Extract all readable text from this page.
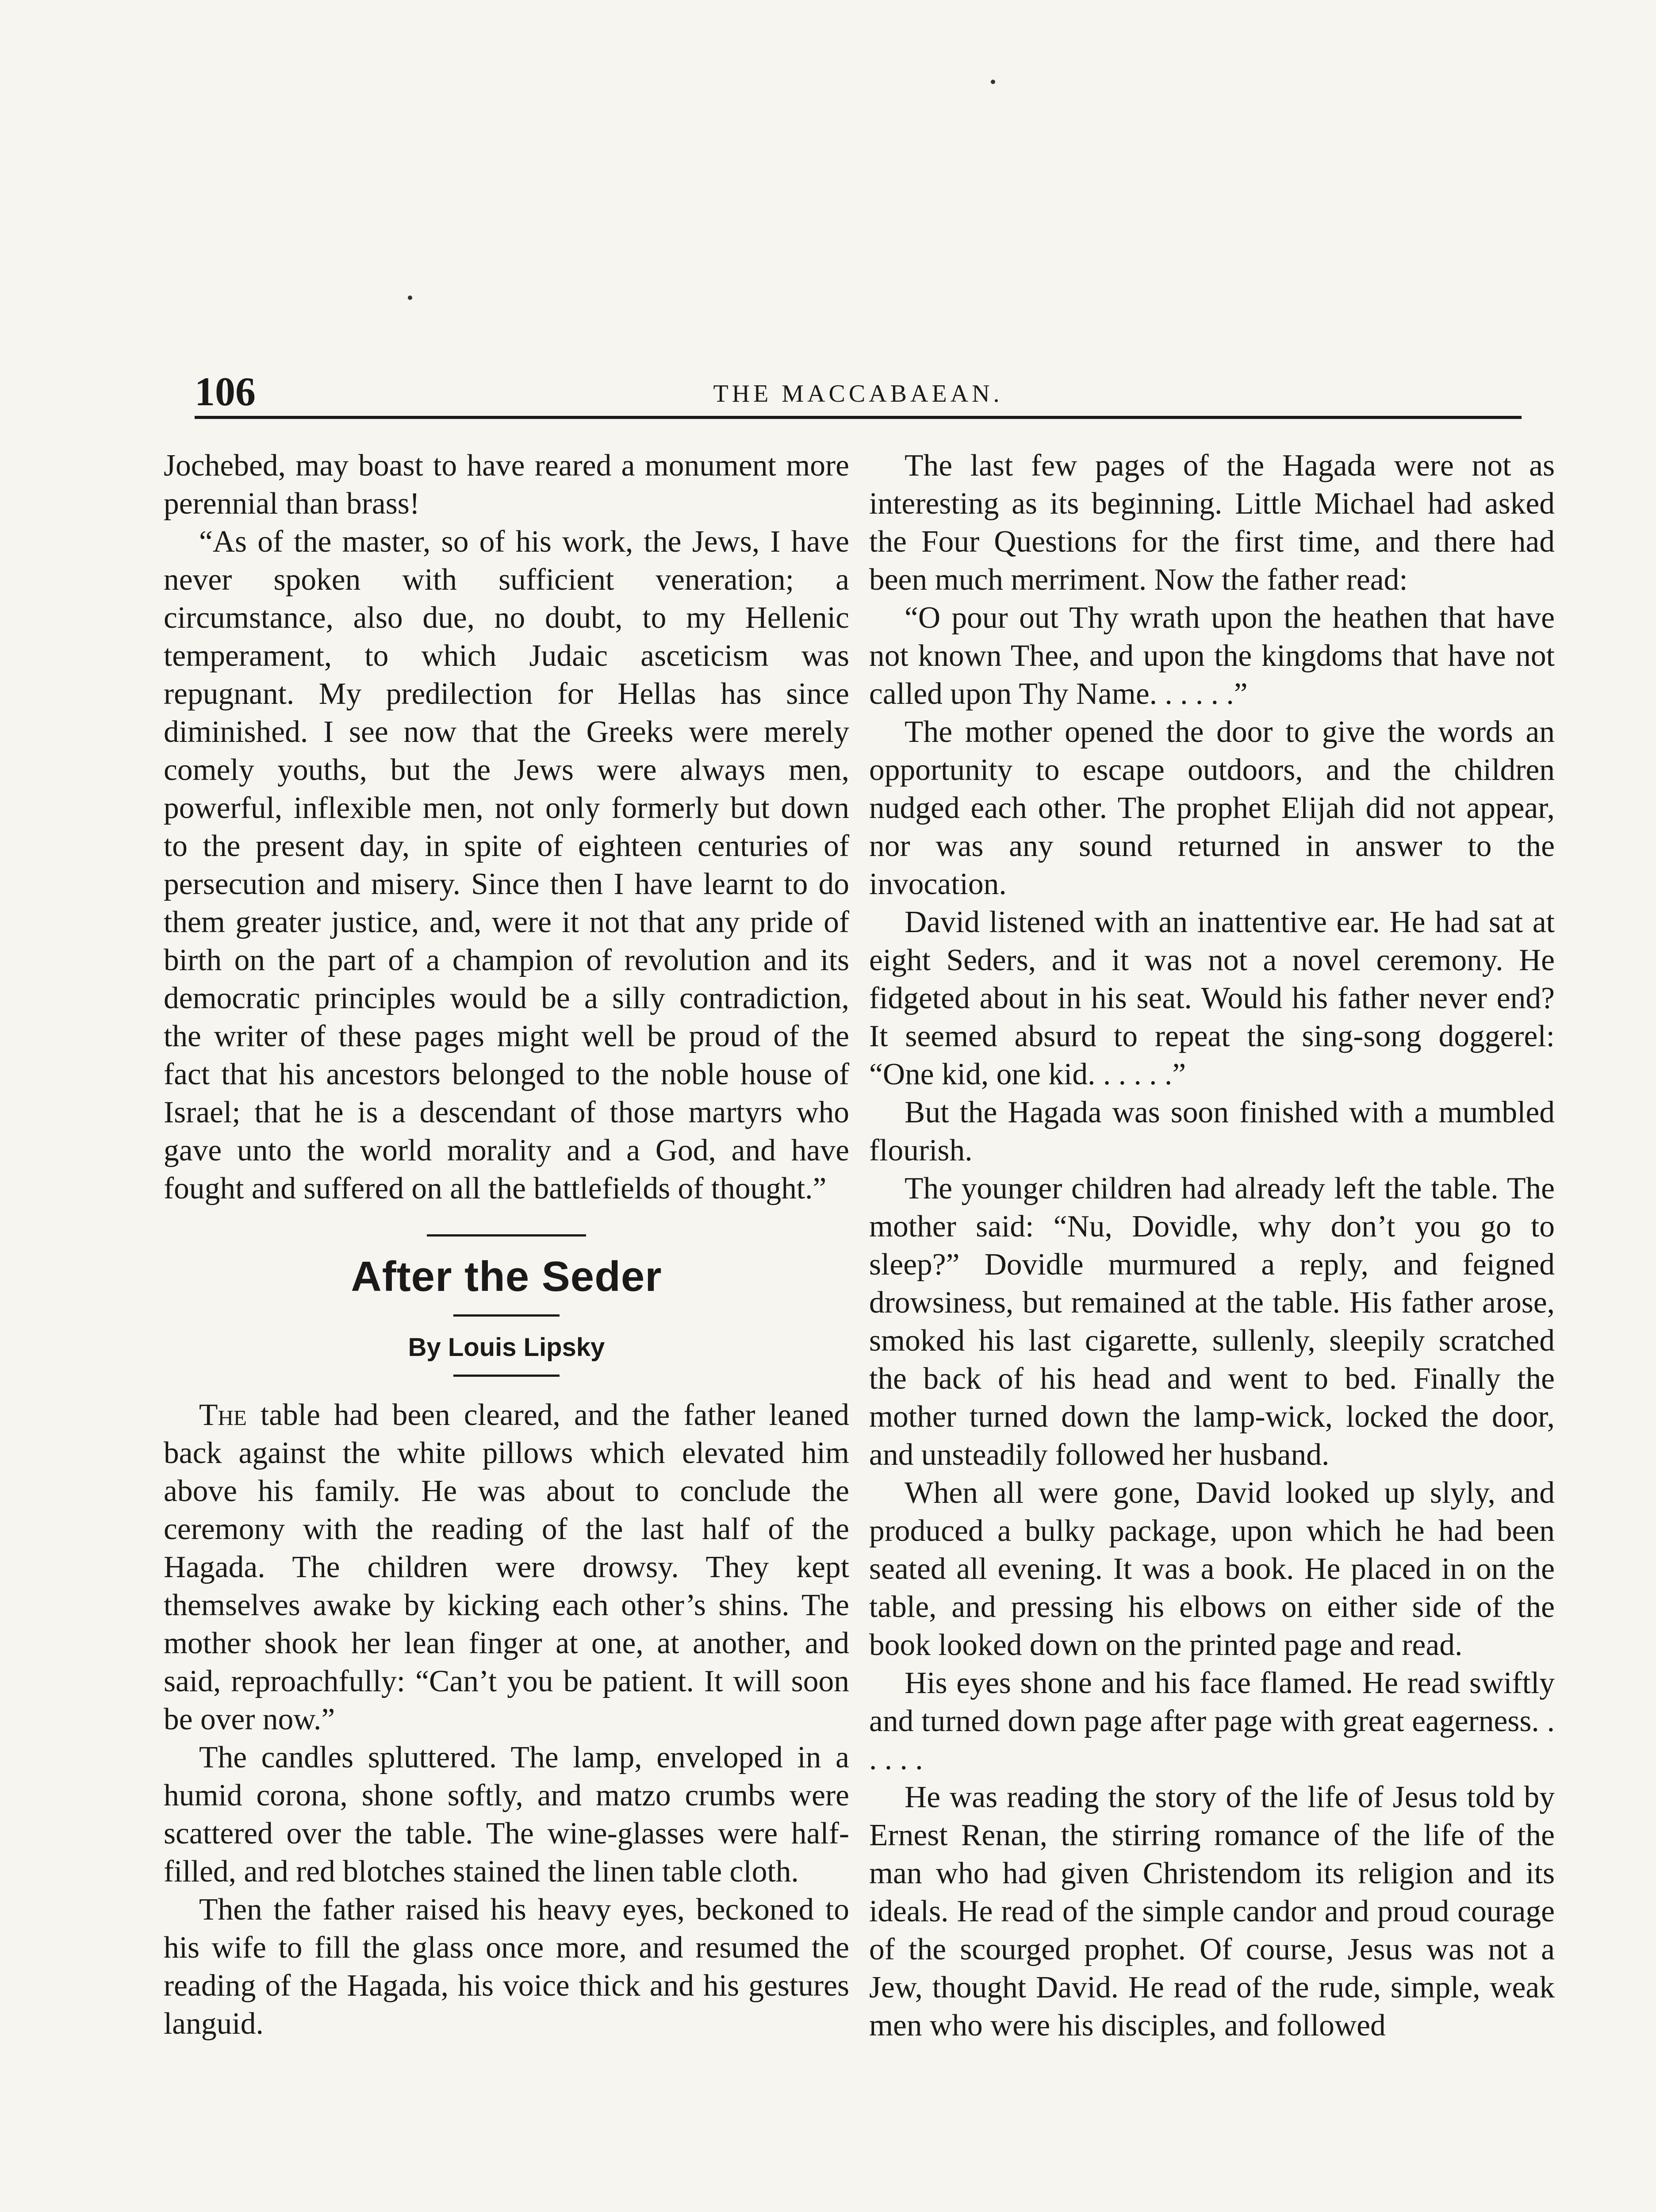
106	THE MACCABAEAN.

Jochebed, may boast to have reared a monument more perennial than brass!

“As of the master, so of his work, the Jews, I have never spoken with sufficient veneration; a circumstance, also due, no doubt, to my Hellenic temperament, to which Judaic asceticism was repugnant. My predilection for Hellas has since diminished. I see now that the Greeks were merely comely youths, but the Jews were always men, powerful, inflexible men, not only formerly but down to the present day, in spite of eighteen centuries of persecution and misery. Since then I have learnt to do them greater justice, and, were it not that any pride of birth on the part of a champion of revolution and its democratic principles would be a silly contradiction, the writer of these pages might well be proud of the fact that his ancestors belonged to the noble house of Israel; that he is a descendant of those martyrs who gave unto the world morality and a God, and have fought and suffered on all the battlefields of thought.”

After the Seder
By Louis Lipsky

The table had been cleared, and the father leaned back against the white pillows which elevated him above his family. He was about to conclude the ceremony with the reading of the last half of the Hagada. The children were drowsy. They kept themselves awake by kicking each other’s shins. The mother shook her lean finger at one, at another, and said, reproachfully: “Can’t you be patient. It will soon be over now.”

The candles spluttered. The lamp, enveloped in a humid corona, shone softly, and matzo crumbs were scattered over the table. The wine-glasses were half-filled, and red blotches stained the linen table cloth.

Then the father raised his heavy eyes, beckoned to his wife to fill the glass once more, and resumed the reading of the Hagada, his voice thick and his gestures languid.

The last few pages of the Hagada were not as interesting as its beginning. Little Michael had asked the Four Questions for the first time, and there had been much merriment. Now the father read:

“O pour out Thy wrath upon the heathen that have not known Thee, and upon the kingdoms that have not called upon Thy Name. . . . . .”

The mother opened the door to give the words an opportunity to escape outdoors, and the children nudged each other. The prophet Elijah did not appear, nor was any sound returned in answer to the invocation.

David listened with an inattentive ear. He had sat at eight Seders, and it was not a novel ceremony. He fidgeted about in his seat. Would his father never end? It seemed absurd to repeat the sing-song doggerel: “One kid, one kid. . . . . .”

But the Hagada was soon finished with a mumbled flourish.

The younger children had already left the table. The mother said: “Nu, Dovidle, why don’t you go to sleep?” Dovidle murmured a reply, and feigned drowsiness, but remained at the table. His father arose, smoked his last cigarette, sullenly, sleepily scratched the back of his head and went to bed. Finally the mother turned down the lamp-wick, locked the door, and unsteadily followed her husband.

When all were gone, David looked up slyly, and produced a bulky package, upon which he had been seated all evening. It was a book. He placed in on the table, and pressing his elbows on either side of the book looked down on the printed page and read.

His eyes shone and his face flamed. He read swiftly and turned down page after page with great eagerness. . . . . .

He was reading the story of the life of Jesus told by Ernest Renan, the stirring romance of the life of the man who had given Christendom its religion and its ideals. He read of the simple candor and proud courage of the scourged prophet. Of course, Jesus was not a Jew, thought David. He read of the rude, simple, weak men who were his disciples, and followed
